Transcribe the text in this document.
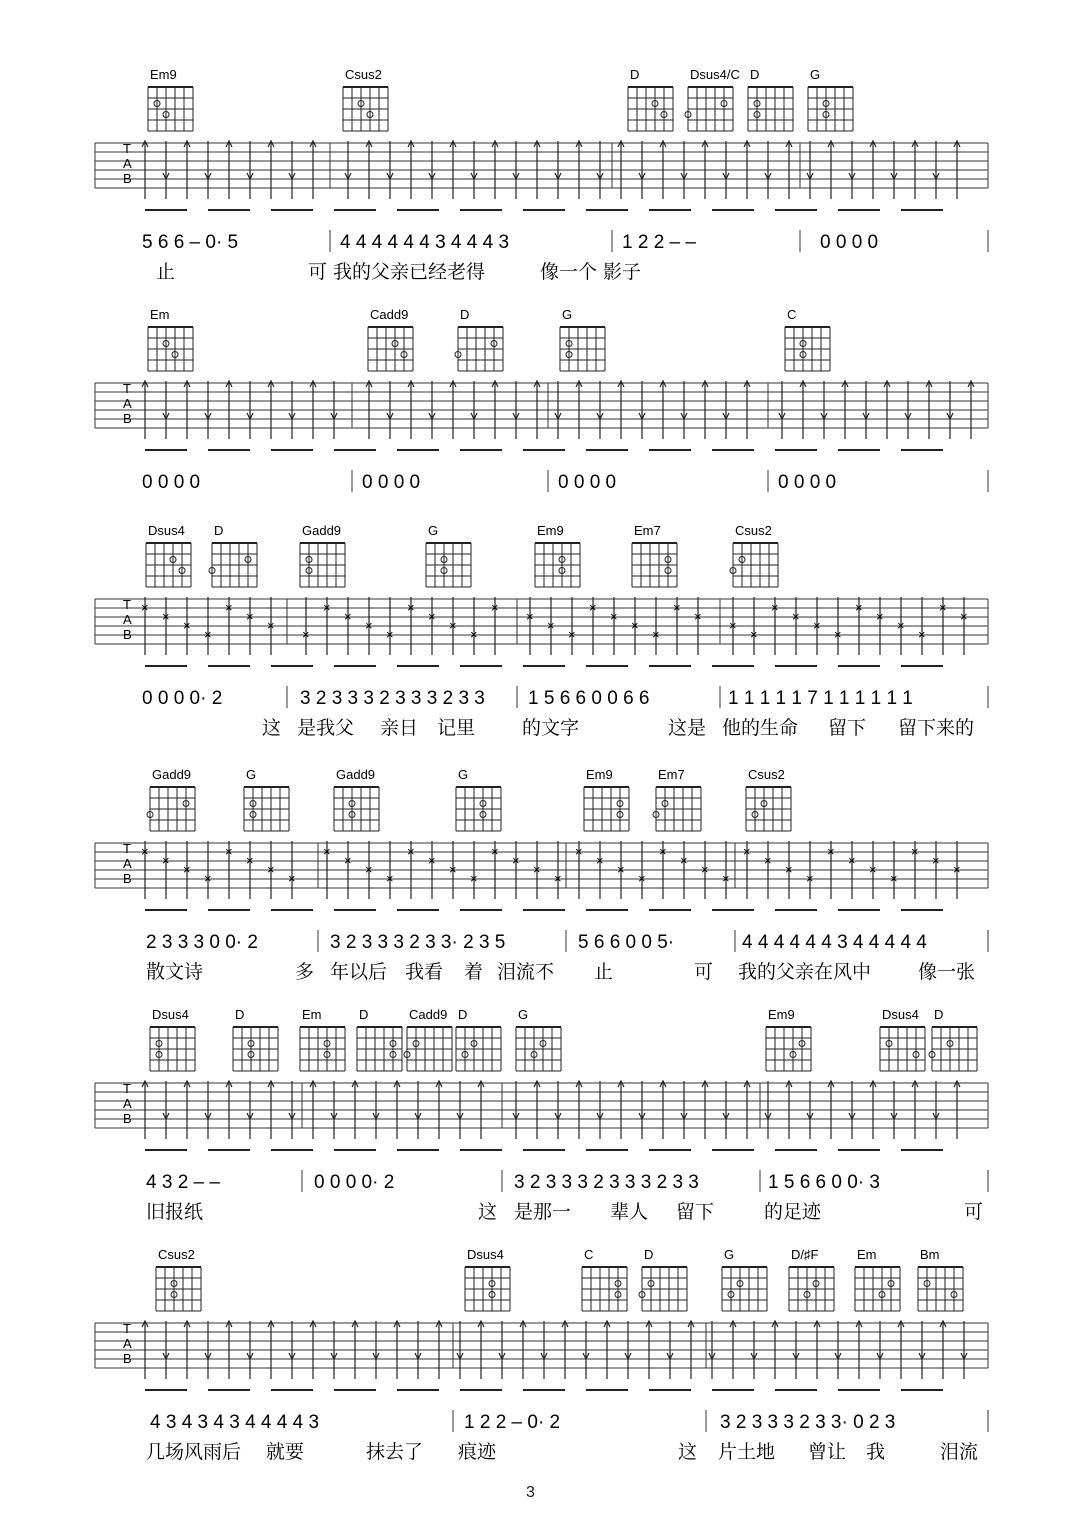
T
A
B
Em9	Csus2	D	Dsus4/C D	G
5 6 6 – 0· 5	4 4 4 4 4 4 3 4 4 4 3	1 2 2 – –	0 0 0 0
止	可 我的父亲已经老得	像一个 影子
T
A
B
Em	Cadd9	D	G	C
0 0 0 0	0 0 0 0	0 0 0 0	0 0 0 0
T
A
B
×
×
×
×
×
×
×
×
×
×
×
×
×
×
×
×
×
×
×
×
×
×
×
×
×
×
×
×
×
×
×
×
×
×
×
×
×
×
Dsus4 D	Gadd9	G	Em9	Em7	Csus2
0 0 0 0· 2	3 2 3 3 3 2 3 3 3 2 3 3 1 5 6 6 0 0 6 6	1 1 1 1 1 7 1 1 1 1 1 1
这 是我父 亲日 记里 的文字	这是 他的生命 留下 留下来的
T
A
B
×
×
×
×
×
×
×
×
×
×
×
×
×
×
×
×
×
×
×
×
×
×
×
×
×
×
×
×
×
×
×
×
×
×
×
×
×
×
×
Gadd9	G	Gadd9	G	Em9	Em7	Csus2
2 3 3 3 0 0· 2	3 2 3 3 3 2 3 3· 2 3 5	5 6 6 0 0 5·	4 4 4 4 4 4 3 4 4 4 4 4
散文诗	多 年以后 我看 着 泪流不 止	可 我的父亲在风中 像一张
T
A
B
Dsus4	D	Em	D	Cadd9 D	G	Em9	Dsus4 D
4 3 2 – –	0 0 0 0· 2	3 2 3 3 3 2 3 3 3 2 3 3	1 5 6 6 0 0· 3
旧报纸	这 是那一 辈人 留下	的足迹	可
T
A
B
Csus2	Dsus4	C	D	G	D/♯F	Em	Bm
4 3 4 3 4 3 4 4 4 4 3	1 2 2 – 0· 2	3 2 3 3 3 2 3 3· 0 2 3
几场风雨后 就要	抹去了 痕迹	这 片土地 曾让 我	泪流
3
